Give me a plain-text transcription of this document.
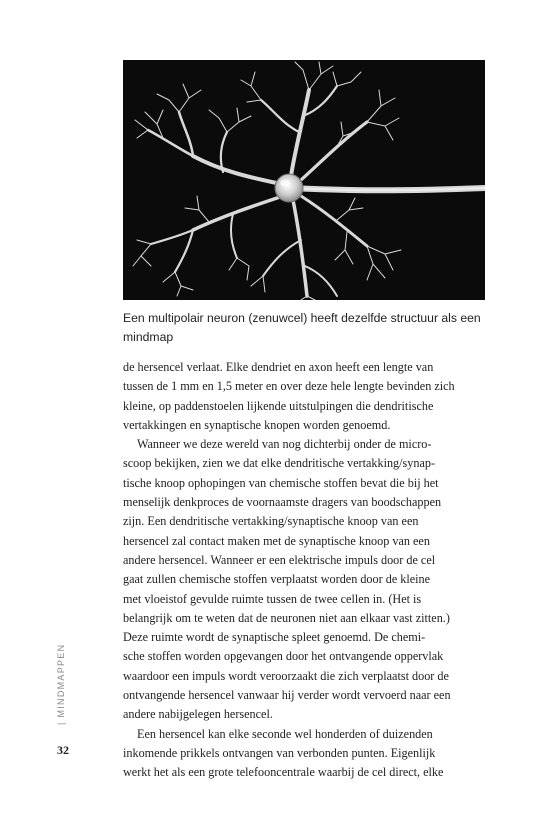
Een multipolair neuron (zenuwcel) heeft dezelfde structuur als een
mindmap
de hersencel verlaat. Elke dendriet en axon heeft een lengte van
tussen de 1 mm en 1,5 meter en over deze hele lengte bevinden zich
kleine, op paddenstoelen lijkende uitstulpingen die dendritische
vertakkingen en synaptische knopen worden genoemd.
Wanneer we deze wereld van nog dichterbij onder de micro-
scoop bekijken, zien we dat elke dendritische vertakking/synap-
tische knoop ophopingen van chemische stoffen bevat die bij het
menselijk denkproces de voornaamste dragers van boodschappen
zijn. Een dendritische vertakking/synaptische knoop van een
hersencel zal contact maken met de synaptische knoop van een
andere hersencel. Wanneer er een elektrische impuls door de cel
gaat zullen chemische stoffen verplaatst worden door de kleine
met vloeistof gevulde ruimte tussen de twee cellen in. (Het is
belangrijk om te weten dat de neuronen niet aan elkaar vast zitten.)
Deze ruimte wordt de synaptische spleet genoemd. De chemi-
sche stoffen worden opgevangen door het ontvangende oppervlak
waardoor een impuls wordt veroorzaakt die zich verplaatst door de
ontvangende hersencel vanwaar hij verder wordt vervoerd naar een
andere nabijgelegen hersencel.
Een hersencel kan elke seconde wel honderden of duizenden
inkomende prikkels ontvangen van verbonden punten. Eigenlijk
werkt het als een grote telefooncentrale waarbij de cel direct, elke
| MINDMAPPEN
32
